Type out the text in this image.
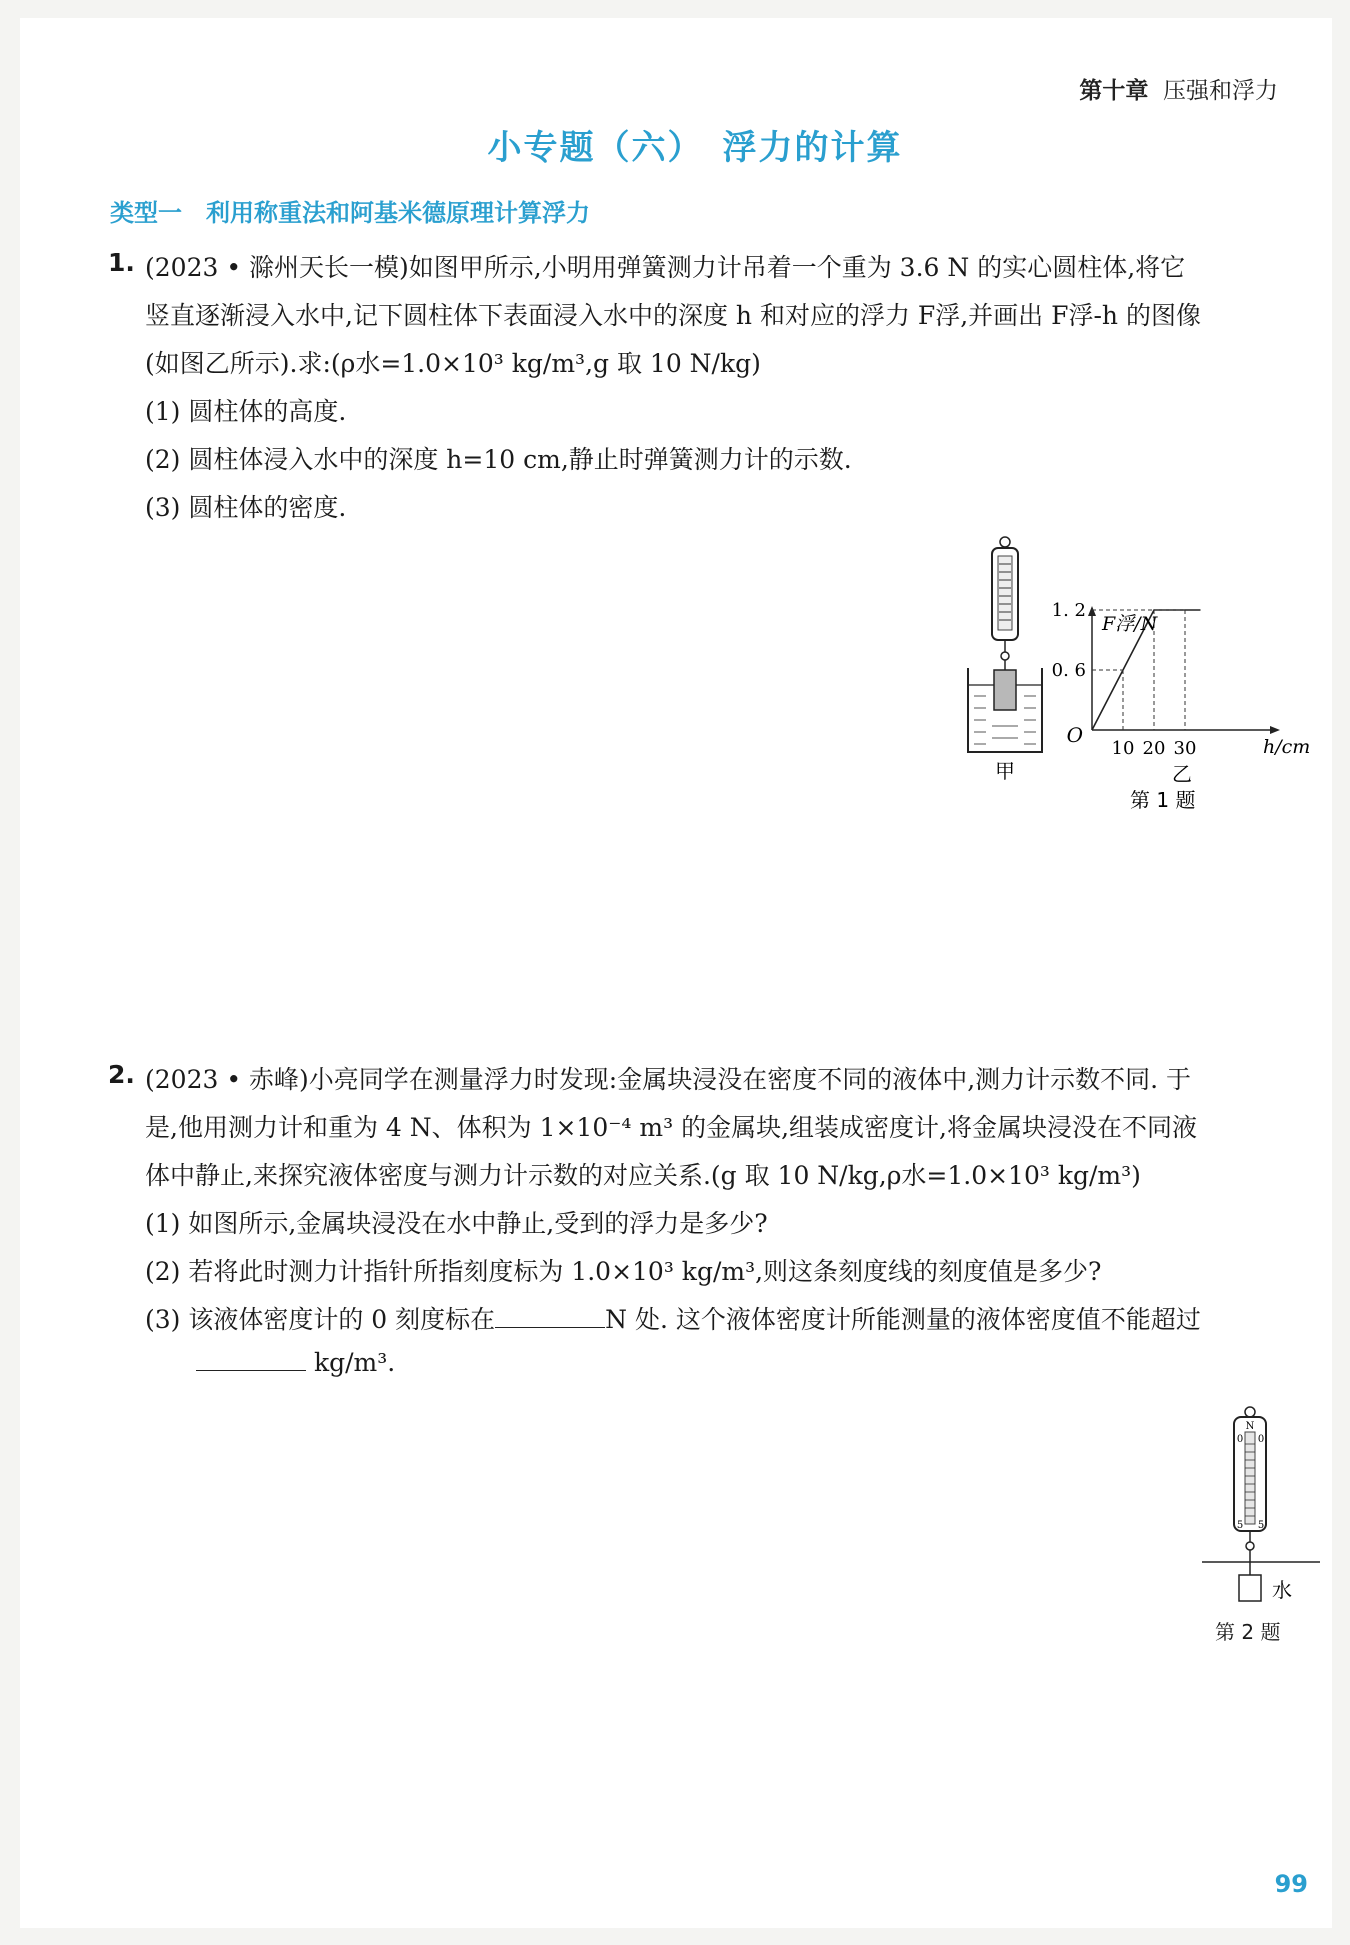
第十章 压强和浮力
小专题（六）　浮力的计算
类型一　利用称重法和阿基米德原理计算浮力
1. (2023 • 滁州天长一模)如图甲所示,小明用弹簧测力计吊着一个重为 3.6 N 的实心圆柱体,将它
竖直逐渐浸入水中,记下圆柱体下表面浸入水中的深度 h 和对应的浮力 F浮,并画出 F浮-h 的图像
(如图乙所示).求:(ρ水=1.0×10³ kg/m³,g 取 10 N/kg)
(1) 圆柱体的高度.
(2) 圆柱体浸入水中的深度 h=10 cm,静止时弹簧测力计的示数.
(3) 圆柱体的密度.
甲
0. 6
1. 2
10 20 30
F浮/N
O	h/cm
乙
第 1 题
2. (2023 • 赤峰)小亮同学在测量浮力时发现:金属块浸没在密度不同的液体中,测力计示数不同. 于
是,他用测力计和重为 4 N、体积为 1×10⁻⁴ m³ 的金属块,组装成密度计,将金属块浸没在不同液
体中静止,来探究液体密度与测力计示数的对应关系.(g 取 10 N/kg,ρ水=1.0×10³ kg/m³)
(1) 如图所示,金属块浸没在水中静止,受到的浮力是多少?
(2) 若将此时测力计指针所指刻度标为 1.0×10³ kg/m³,则这条刻度线的刻度值是多少?
(3) 该液体密度计的 0 刻度标在	N 处. 这个液体密度计所能测量的液体密度值不能超过
kg/m³.
N
0 0
5 5
水
第 2 题
99
